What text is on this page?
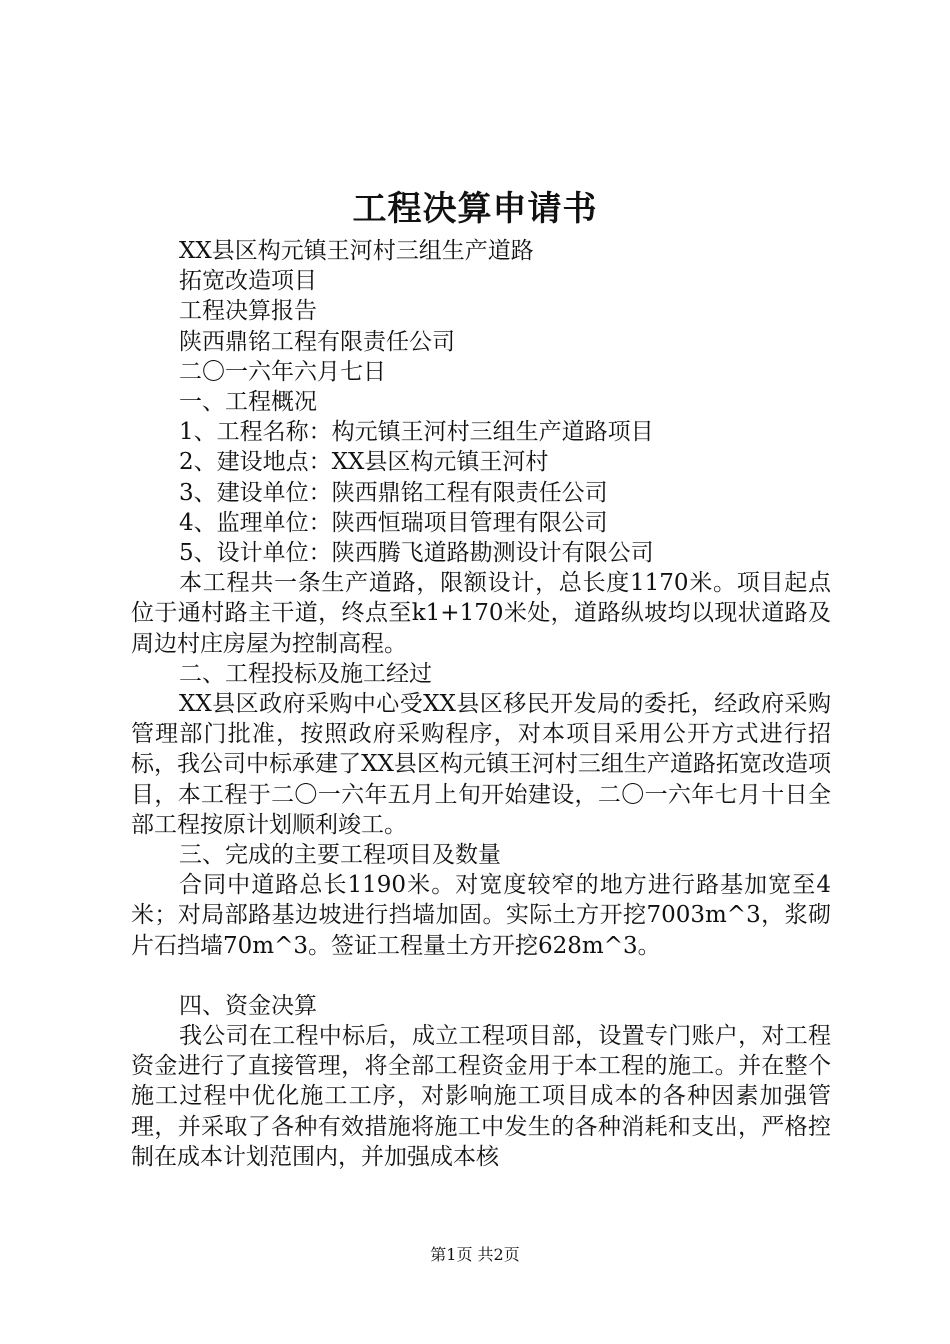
工程决算申请书

XX县区构元镇王河村三组生产道路

拓宽改造项目

工程决算报告

陕西鼎铭工程有限责任公司

二〇一六年六月七日

一、工程概况

1、工程名称：构元镇王河村三组生产道路项目

2、建设地点：XX县区构元镇王河村

3、建设单位：陕西鼎铭工程有限责任公司

4、监理单位：陕西恒瑞项目管理有限公司

5、设计单位：陕西腾飞道路勘测设计有限公司

本工程共一条生产道路，限额设计，总长度1170米。项目起点位于通村路主干道，终点至k1+170米处，道路纵坡均以现状道路及周边村庄房屋为控制高程。

二、工程投标及施工经过

XX县区政府采购中心受XX县区移民开发局的委托，经政府采购管理部门批准，按照政府采购程序，对本项目采用公开方式进行招标，我公司中标承建了XX县区构元镇王河村三组生产道路拓宽改造项目，本工程于二〇一六年五月上旬开始建设，二〇一六年七月十日全部工程按原计划顺利竣工。

三、完成的主要工程项目及数量

合同中道路总长1190米。对宽度较窄的地方进行路基加宽至4米；对局部路基边坡进行挡墙加固。实际土方开挖7003m^3，浆砌片石挡墙70m^3。签证工程量土方开挖628m^3。

四、资金决算

我公司在工程中标后，成立工程项目部，设置专门账户，对工程资金进行了直接管理，将全部工程资金用于本工程的施工。并在整个施工过程中优化施工工序，对影响施工项目成本的各种因素加强管理，并采取了各种有效措施将施工中发生的各种消耗和支出，严格控制在成本计划范围内，并加强成本核

第1页 共2页
